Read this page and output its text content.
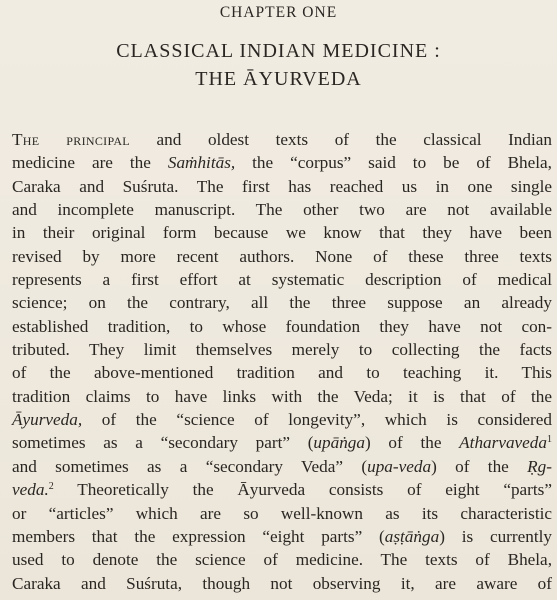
CHAPTER ONE
CLASSICAL INDIAN MEDICINE :
THE ĀYURVEDA
The principal and oldest texts of the classical Indian
medicine are the Saṁhitās, the “corpus” said to be of Bhela,
Caraka and Suśruta. The first has reached us in one single
and incomplete manuscript. The other two are not available
in their original form because we know that they have been
revised by more recent authors. None of these three texts
represents a first effort at systematic description of medical
science; on the contrary, all the three suppose an already
established tradition, to whose foundation they have not con-
tributed. They limit themselves merely to collecting the facts
of the above-mentioned tradition and to teaching it. This
tradition claims to have links with the Veda; it is that of the
Āyurveda, of the “science of longevity”, which is considered
sometimes as a “secondary part” (upāṅga) of the Atharvaveda$^1$
and sometimes as a “secondary Veda” (upa-veda) of the Ṛg-
veda.$^2$ Theoretically the Āyurveda consists of eight “parts”
or “articles” which are so well-known as its characteristic
members that the expression “eight parts” (aṣṭāṅga) is currently
used to denote the science of medicine. The texts of Bhela,
Caraka and Suśruta, though not observing it, are aware of
